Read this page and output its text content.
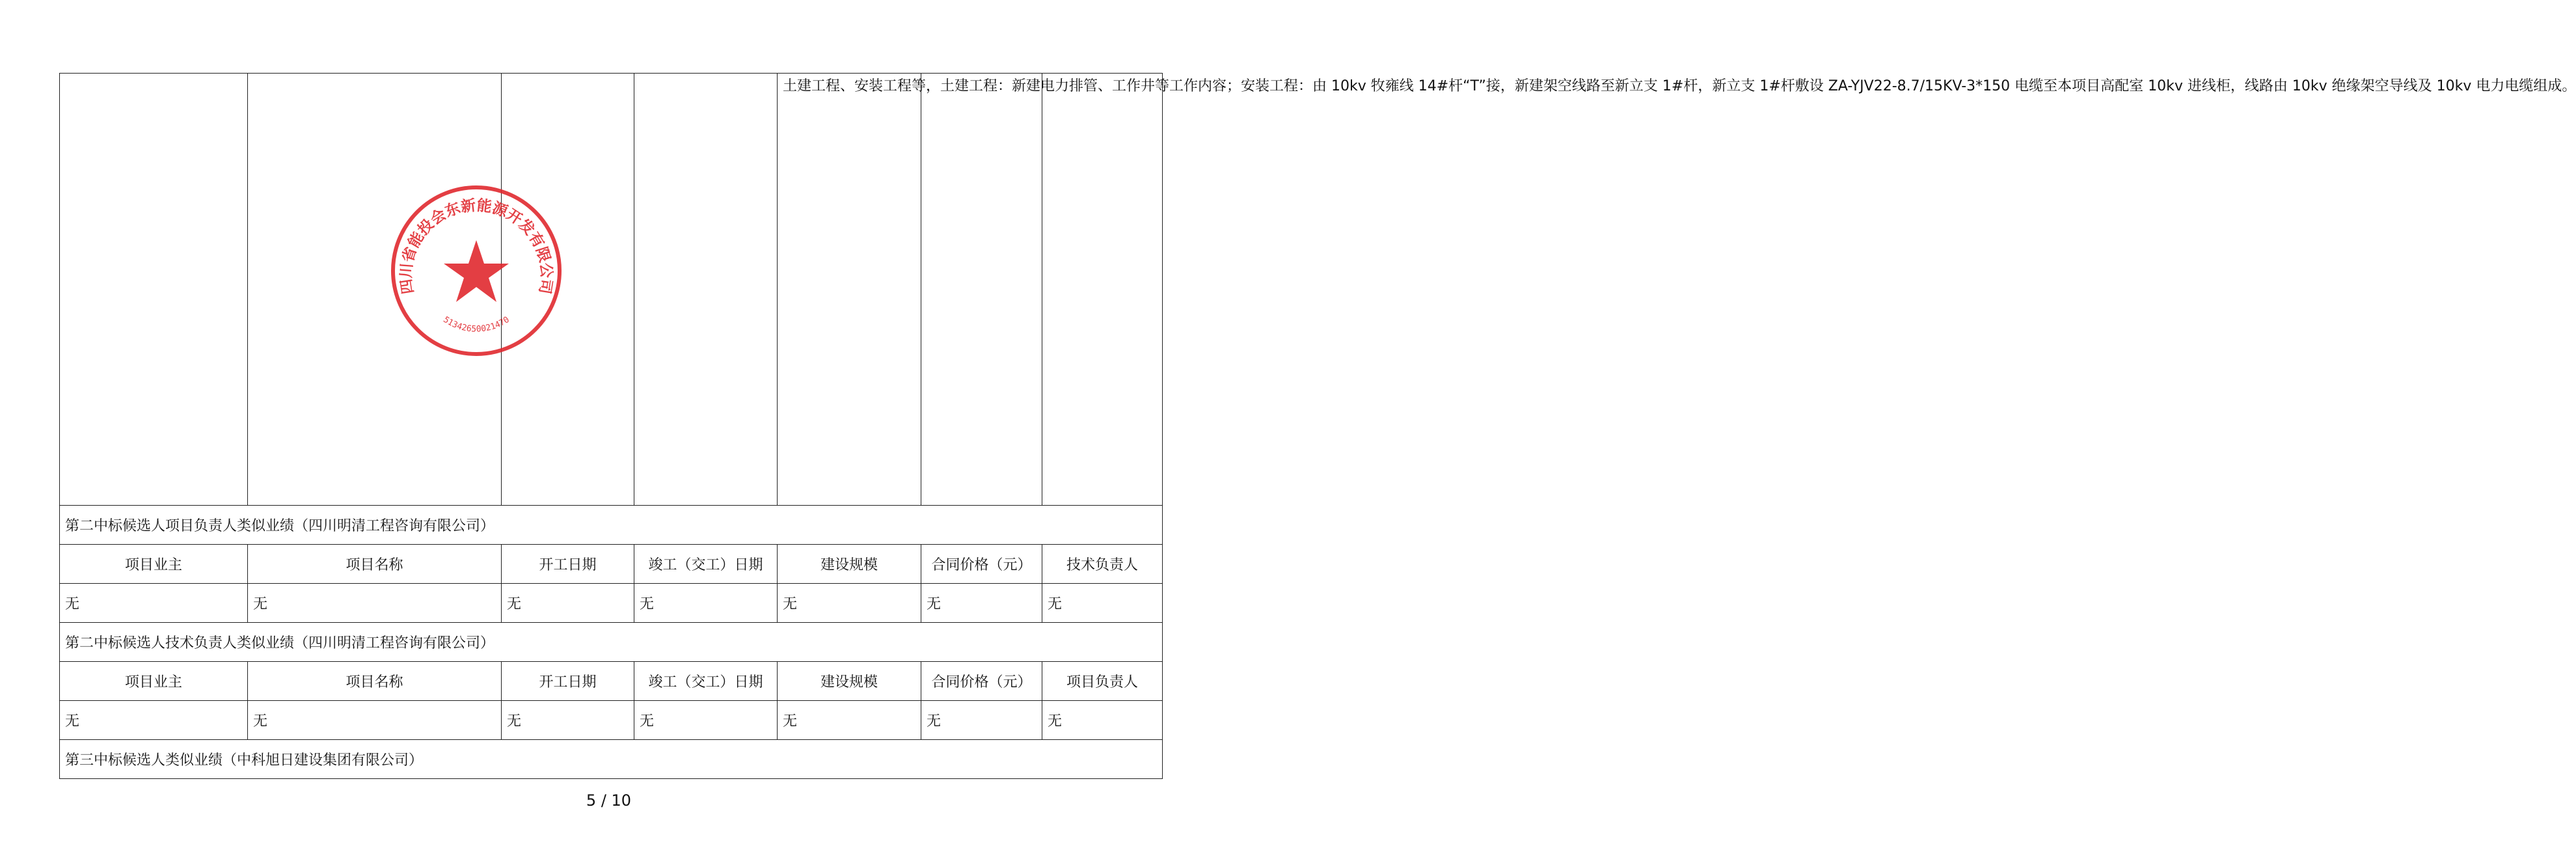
				土建工程、安装工程等，土建工程：新建电力排管、工作井等工作内容；安装工程：由 10kv 牧雍线 14#杆“T”接，新建架空线路至新立支 1#杆，新立支 1#杆敷设 ZA-YJV22-8.7/15KV-3*150 电缆至本项目高配室 10kv 进线柜，线路由 10kv 绝缘架空导线及 10kv 电力电缆组成。		
第二中标候选人项目负责人类似业绩（四川明清工程咨询有限公司）						
项目业主	项目名称	开工日期	竣工（交工）日期	建设规模	合同价格（元）	技术负责人
无	无	无	无	无	无	无
第二中标候选人技术负责人类似业绩（四川明清工程咨询有限公司）						
项目业主	项目名称	开工日期	竣工（交工）日期	建设规模	合同价格（元）	项目负责人
无	无	无	无	无	无	无
第三中标候选人类似业绩（中科旭日建设集团有限公司）						
四川省能投会东新能源开发有限公司
51342650021470
5 / 10
